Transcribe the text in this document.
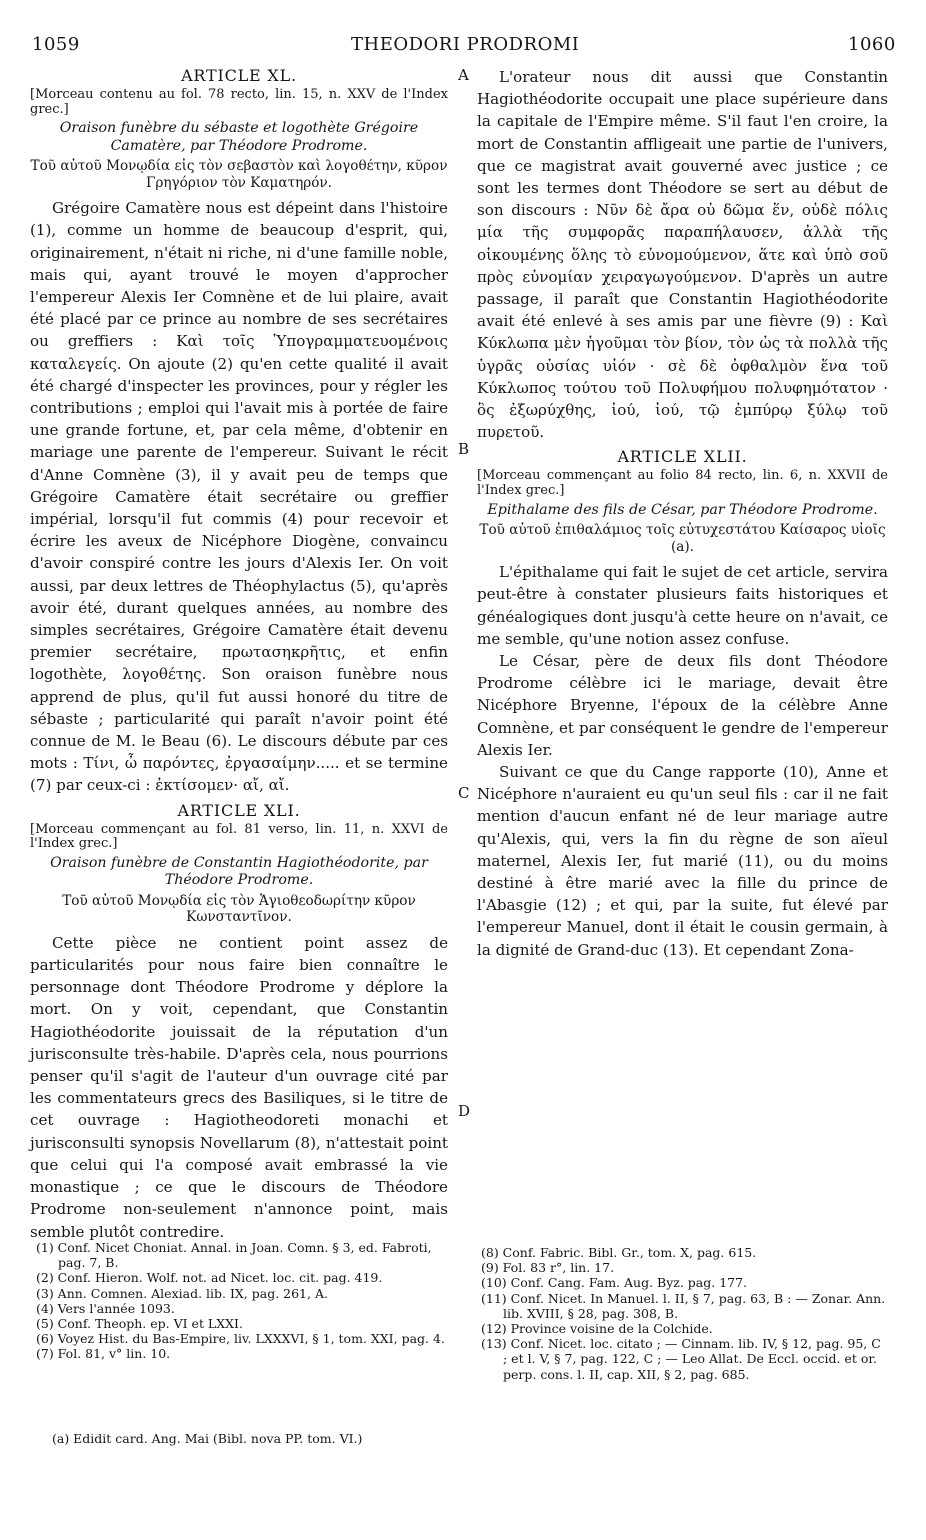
1059	THEODORI PRODROMI	1060
A
B
C
D
ARTICLE XL.
[Morceau contenu au fol. 78 recto, lin. 15, n. XXV de l'Index grec.]
Oraison funèbre du sébaste et logothète Grégoire Camatère, par Théodore Prodrome.
Τοῦ αὐτοῦ Μονῳδία εἰς τὸν σεβαστὸν καὶ λογοθέτην, κῦρον Γρηγόριον τὸν Καματηρόν.

Grégoire Camatère nous est dépeint dans l'histoire (1), comme un homme de beaucoup d'esprit, qui, originairement, n'était ni riche, ni d'une famille noble, mais qui, ayant trouvé le moyen d'approcher l'empereur Alexis Ier Comnène et de lui plaire, avait été placé par ce prince au nombre de ses secrétaires ou greffiers : Καὶ τοῖς Ὑπογραμματευομένοις καταλεγείς. On ajoute (2) qu'en cette qualité il avait été chargé d'inspecter les provinces, pour y régler les contributions ; emploi qui l'avait mis à portée de faire une grande fortune, et, par cela même, d'obtenir en mariage une parente de l'empereur. Suivant le récit d'Anne Comnène (3), il y avait peu de temps que Grégoire Camatère était secrétaire ou greffier impérial, lorsqu'il fut commis (4) pour recevoir et écrire les aveux de Nicéphore Diogène, convaincu d'avoir conspiré contre les jours d'Alexis Ier. On voit aussi, par deux lettres de Théophylactus (5), qu'après avoir été, durant quelques années, au nombre des simples secrétaires, Grégoire Camatère était devenu premier secrétaire, πρωτασηκρῆτις, et enfin logothète, λογοθέτης. Son oraison funèbre nous apprend de plus, qu'il fut aussi honoré du titre de sébaste ; particularité qui paraît n'avoir point été connue de M. le Beau (6). Le discours débute par ces mots : Τίνι, ὦ παρόντες, ἐργασαίμην..... et se termine (7) par ceux-ci : ἐκτίσομεν· αἴ, αἴ.

ARTICLE XLI.
[Morceau commençant au fol. 81 verso, lin. 11, n. XXVI de l'Index grec.]
Oraison funèbre de Constantin Hagiothéodorite, par Théodore Prodrome.
Τοῦ αὐτοῦ Μονῳδία εἰς τὸν Ἁγιοθεοδωρίτην κῦρον Κωνσταντῖνον.

Cette pièce ne contient point assez de particularités pour nous faire bien connaître le personnage dont Théodore Prodrome y déplore la mort. On y voit, cependant, que Constantin Hagiothéodorite jouissait de la réputation d'un jurisconsulte très-habile. D'après cela, nous pourrions penser qu'il s'agit de l'auteur d'un ouvrage cité par les commentateurs grecs des Basiliques, si le titre de cet ouvrage : Hagiotheodoreti monachi et jurisconsulti synopsis Novellarum (8), n'attestait point que celui qui l'a composé avait embrassé la vie monastique ; ce que le discours de Théodore Prodrome non-seulement n'annonce point, mais semble plutôt contredire.

L'orateur nous dit aussi que Constantin Hagiothéodorite occupait une place supérieure dans la capitale de l'Empire même. S'il faut l'en croire, la mort de Constantin affligeait une partie de l'univers, que ce magistrat avait gouverné avec justice ; ce sont les termes dont Théodore se sert au début de son discours : Νῦν δὲ ἄρα οὐ δῶμα ἕν, οὐδὲ πόλις μία τῆς συμφορᾶς παραπήλαυσεν, ἀλλὰ τῆς οἰκουμένης ὅλης τὸ εὐνομούμενον, ἅτε καὶ ὑπὸ σοῦ πρὸς εὐνομίαν χειραγωγούμενον. D'après un autre passage, il paraît que Constantin Hagiothéodorite avait été enlevé à ses amis par une fièvre (9) : Καὶ Κύκλωπα μὲν ἡγοῦμαι τὸν βίον, τὸν ὡς τὰ πολλὰ τῆς ὑγρᾶς οὐσίας υἱόν · σὲ δὲ ὀφθαλμὸν ἕνα τοῦ Κύκλωπος τούτου τοῦ Πολυφήμου πολυφημότατον · ὃς ἐξωρύχθης, ἰού, ἰού, τῷ ἐμπύρῳ ξύλῳ τοῦ πυρετοῦ.

ARTICLE XLII.
[Morceau commençant au folio 84 recto, lin. 6, n. XXVII de l'Index grec.]
Epithalame des fils de César, par Théodore Prodrome.
Τοῦ αὐτοῦ ἐπιθαλάμιος τοῖς εὐτυχεστάτου Καίσαρος υἱοῖς (a).

L'épithalame qui fait le sujet de cet article, servira peut-être à constater plusieurs faits historiques et généalogiques dont jusqu'à cette heure on n'avait, ce me semble, qu'une notion assez confuse.

Le César, père de deux fils dont Théodore Prodrome célèbre ici le mariage, devait être Nicéphore Bryenne, l'époux de la célèbre Anne Comnène, et par conséquent le gendre de l'empereur Alexis Ier.

Suivant ce que du Cange rapporte (10), Anne et Nicéphore n'auraient eu qu'un seul fils : car il ne fait mention d'aucun enfant né de leur mariage autre qu'Alexis, qui, vers la fin du règne de son aïeul maternel, Alexis Ier, fut marié (11), ou du moins destiné à être marié avec la fille du prince de l'Abasgie (12) ; et qui, par la suite, fut élevé par l'empereur Manuel, dont il était le cousin germain, à la dignité de Grand-duc (13). Et cependant Zona-

(1) Conf. Nicet Choniat. Annal. in Joan. Comn. § 3, ed. Fabroti, pag. 7, B.

(2) Conf. Hieron. Wolf. not. ad Nicet. loc. cit. pag. 419.

(3) Ann. Comnen. Alexiad. lib. IX, pag. 261, A.

(4) Vers l'année 1093.

(5) Conf. Theoph. ep. VI et LXXI.

(6) Voyez Hist. du Bas-Empire, liv. LXXXVI, § 1, tom. XXI, pag. 4.

(7) Fol. 81, v° lin. 10.

(a) Edidit card. Ang. Mai (Bibl. nova PP. tom. VI.)

(8) Conf. Fabric. Bibl. Gr., tom. X, pag. 615.

(9) Fol. 83 r°, lin. 17.

(10) Conf. Cang. Fam. Aug. Byz. pag. 177.

(11) Conf. Nicet. In Manuel. l. II, § 7, pag. 63, B : — Zonar. Ann. lib. XVIII, § 28, pag. 308, B.

(12) Province voisine de la Colchide.

(13) Conf. Nicet. loc. citato ; — Cinnam. lib. IV, § 12, pag. 95, C ; et l. V, § 7, pag. 122, C ; — Leo Allat. De Eccl. occid. et or. perp. cons. l. II, cap. XII, § 2, pag. 685.
